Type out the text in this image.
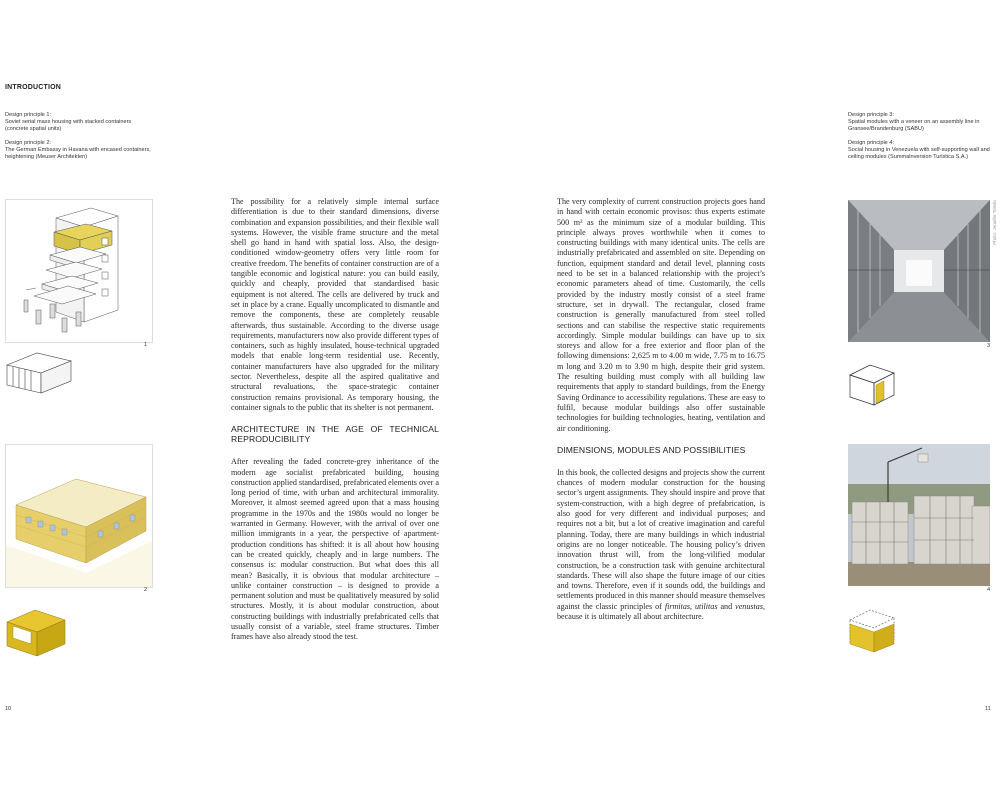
INTRODUCTION
Design principle 1:
Soviet serial mass housing with stacked containers (concrete spatial units)
Design principle 2:
The German Embassy in Havana with encased containers, heightening (Meuser Architekten)
Design principle 3:
Spatial modules with a veneer on an assembly line in Gransee/Brandenburg (SABU)
Design principle 4:
Social housing in Venezuela with self-supporting wall and ceiling modules (Summalnversion Turistica S.A.)
1
2

The possibility for a relatively simple internal surface differentiation is due to their standard dimensions, diverse combination and expansion possibilities, and their flexible wall systems. However, the visible frame structure and the metal shell go hand in hand with spatial loss. Also, the design-conditioned window-geometry offers very little room for creative freedom. The benefits of container construction are of a tangible economic and logistical nature: you can build easily, quickly and cheaply, provided that standardised basic equipment is not altered. The cells are delivered by truck and set in place by a crane. Equally uncomplicated to dismantle and remove the components, these are completely reusable afterwards, thus sustainable. According to the diverse usage requirements, manufacturers now also provide different types of containers, such as highly insulated, house-technical upgraded models that enable long-term residential use. Recently, container manufacturers have also upgraded for the military sector. Nevertheless, despite all the aspired qualitative and structural revaluations, the space-strategic container construction remains provisional. As temporary housing, the container signals to the public that its shelter is not permanent.

ARCHITECTURE IN THE AGE OF TECHNICAL REPRODUCIBILITY

After revealing the faded concrete-grey inheritance of the modern age socialist prefabricated building, housing construction applied standardised, prefabricated elements over a long period of time, with urban and architectural immorality. Moreover, it almost seemed agreed upon that a mass housing programme in the 1970s and the 1980s would no longer be warranted in Germany. However, with the arrival of over one million immigrants in a year, the perspective of apartment-production conditions has shifted: it is all about how housing can be created quickly, cheaply and in large numbers. The consensus is: modular construction. But what does this all mean? Basically, it is obvious that modular architecture – unlike container construction – is designed to provide a permanent solution and must be qualitatively measured by solid structures. Mostly, it is about modular construction, about constructing buildings with industrially prefabricated cells that usually consist of a variable, steel frame structures. Timber frames have also already stood the test.

The very complexity of current construction projects goes hand in hand with certain economic provisos: thus experts estimate 500 m² as the minimum size of a modular building. This principle always proves worthwhile when it comes to constructing buildings with many identical units. The cells are industrially prefabricated and assembled on site. Depending on function, equipment standard and detail level, planning costs need to be set in a balanced relationship with the project’s economic parameters ahead of time. Customarily, the cells provided by the industry mostly consist of a steel frame structure, set in drywall. The rectangular, closed frame construction is generally manufactured from steel rolled sections and can stabilise the respective static requirements accordingly. Simple modular buildings can have up to six storeys and allow for a free exterior and floor plan of the following dimensions: 2,625 m to 4.00 m wide, 7.75 m to 16.75 m long and 3.20 m to 3.90 m high, despite their grid system. The resulting building must comply with all building law requirements that apply to standard buildings, from the Energy Saving Ordinance to accessibility regulations. These are easy to fulfil, because modular buildings also offer sustainable technologies for building technologies, heating, ventilation and air conditioning.

DIMENSIONS, MODULES AND POSSIBILITIES

In this book, the collected designs and projects show the current chances of modern modular construction for the housing sector’s urgent assignments. They should inspire and prove that system-construction, with a high degree of prefabrication, is also good for very different and individual purposes; and requires not a bit, but a lot of creative imagination and careful planning. Today, there are many buildings in which industrial origins are no longer noticeable. The housing policy’s driven innovation thrust will, from the long-vilified modular construction, be a construction task with genuine architectural standards. These will also shape the future image of our cities and towns. Therefore, even if it sounds odd, the buildings and settlements produced in this manner should measure themselves against the classic principles of firmitas, utilitas and venustas, because it is ultimately all about architecture.

Photo: Jennifer Toledo
3
4
10	11
